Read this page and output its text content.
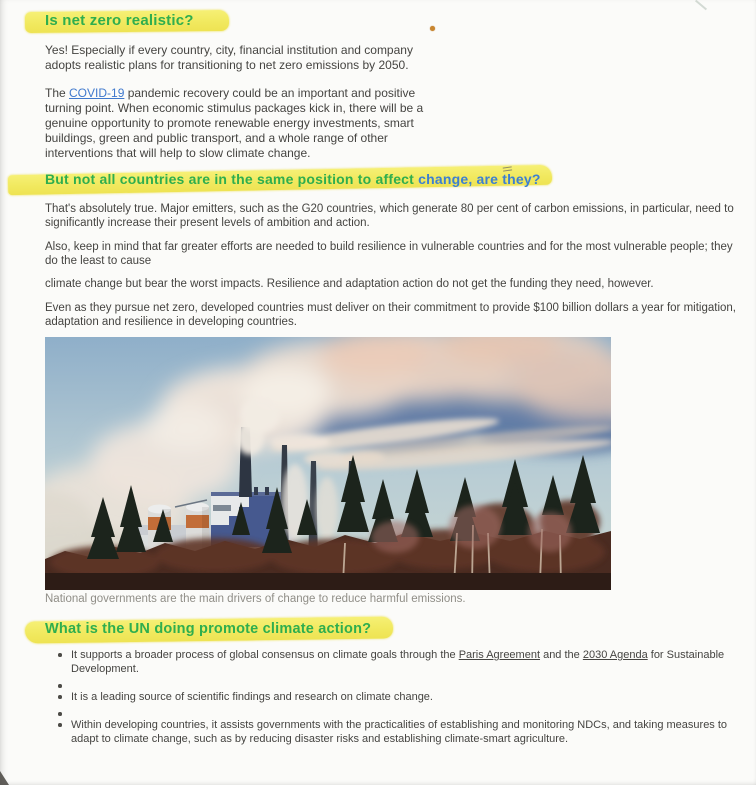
Is net zero realistic?

Yes! Especially if every country, city, financial institution and company adopts realistic plans for transitioning to net zero emissions by 2050.

The COVID-19 pandemic recovery could be an important and positive turning point. When economic stimulus packages kick in, there will be a genuine opportunity to promote renewable energy investments, smart buildings, green and public transport, and a whole range of other interventions that will help to slow climate change.

But not all countries are in the same position to affect change, are they?

That's absolutely true. Major emitters, such as the G20 countries, which generate 80 per cent of carbon emissions, in particular, need to significantly increase their present levels of ambition and action.

Also, keep in mind that far greater efforts are needed to build resilience in vulnerable countries and for the most vulnerable people; they do the least to cause

climate change but bear the worst impacts. Resilience and adaptation action do not get the funding they need, however.

Even as they pursue net zero, developed countries must deliver on their commitment to provide $100 billion dollars a year for mitigation, adaptation and resilience in developing countries.

National governments are the main drivers of change to reduce harmful emissions.

What is the UN doing promote climate action?
It supports a broader process of global consensus on climate goals through the Paris Agreement and the 2030 Agenda for Sustainable Development.
It is a leading source of scientific findings and research on climate change.
Within developing countries, it assists governments with the practicalities of establishing and monitoring NDCs, and taking measures to adapt to climate change, such as by reducing disaster risks and establishing climate-smart agriculture.
